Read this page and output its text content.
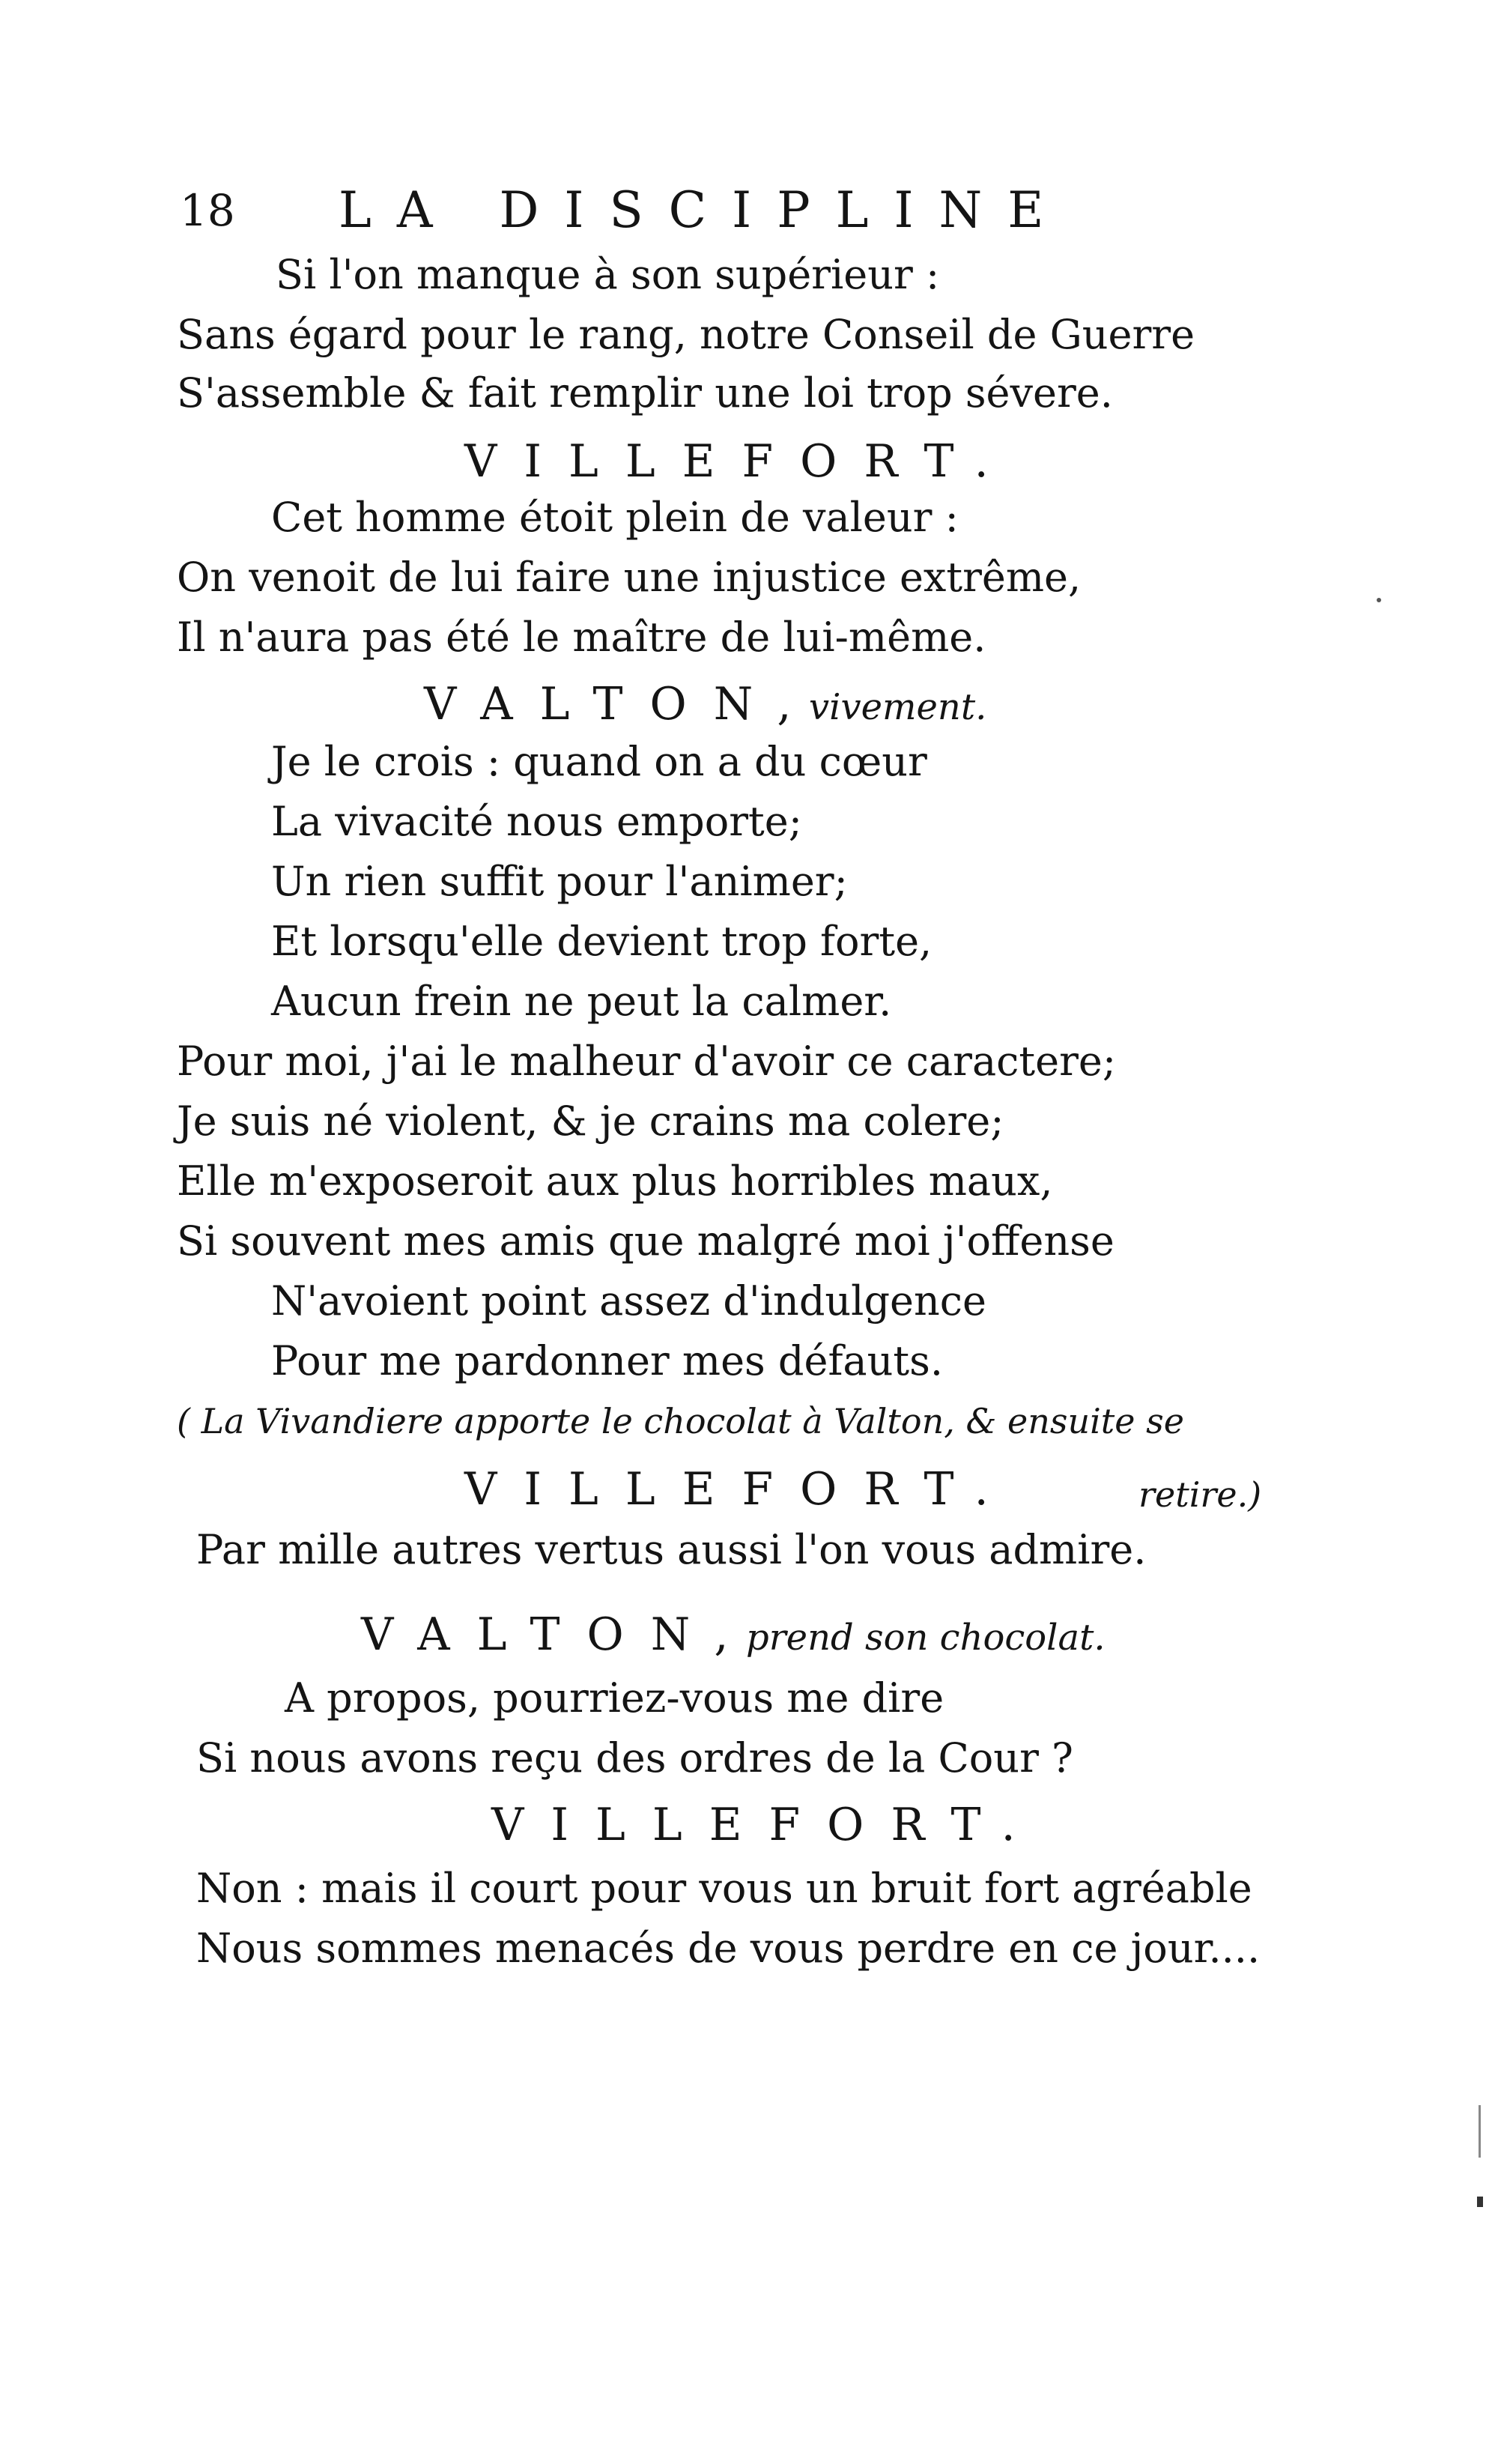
18 LA DISCIPLINE
Si l'on manque à son supérieur :
Sans égard pour le rang, notre Conseil de Guerre
S'assemble & fait remplir une loi trop sévere.
VILLEFORT.
Cet homme étoit plein de valeur :
On venoit de lui faire une injustice extrême,
Il n'aura pas été le maître de lui-même.
VALTON,
vivement.
Je le crois : quand on a du cœur
La vivacité nous emporte;
Un rien suffit pour l'animer;
Et lorsqu'elle devient trop forte,
Aucun frein ne peut la calmer.
Pour moi, j'ai le malheur d'avoir ce caractere;
Je suis né violent, & je crains ma colere;
Elle m'exposeroit aux plus horribles maux,
Si souvent mes amis que malgré moi j'offense
N'avoient point assez d'indulgence
Pour me pardonner mes défauts.
( La Vivandiere apporte le chocolat à Valton, & ensuite se
VILLEFORT.	retire.)
Par mille autres vertus aussi l'on vous admire.
VALTON,
prend son chocolat.
A propos, pourriez-vous me dire
Si nous avons reçu des ordres de la Cour ?
VILLEFORT.
Non : mais il court pour vous un bruit fort agréable
Nous sommes menacés de vous perdre en ce jour....
